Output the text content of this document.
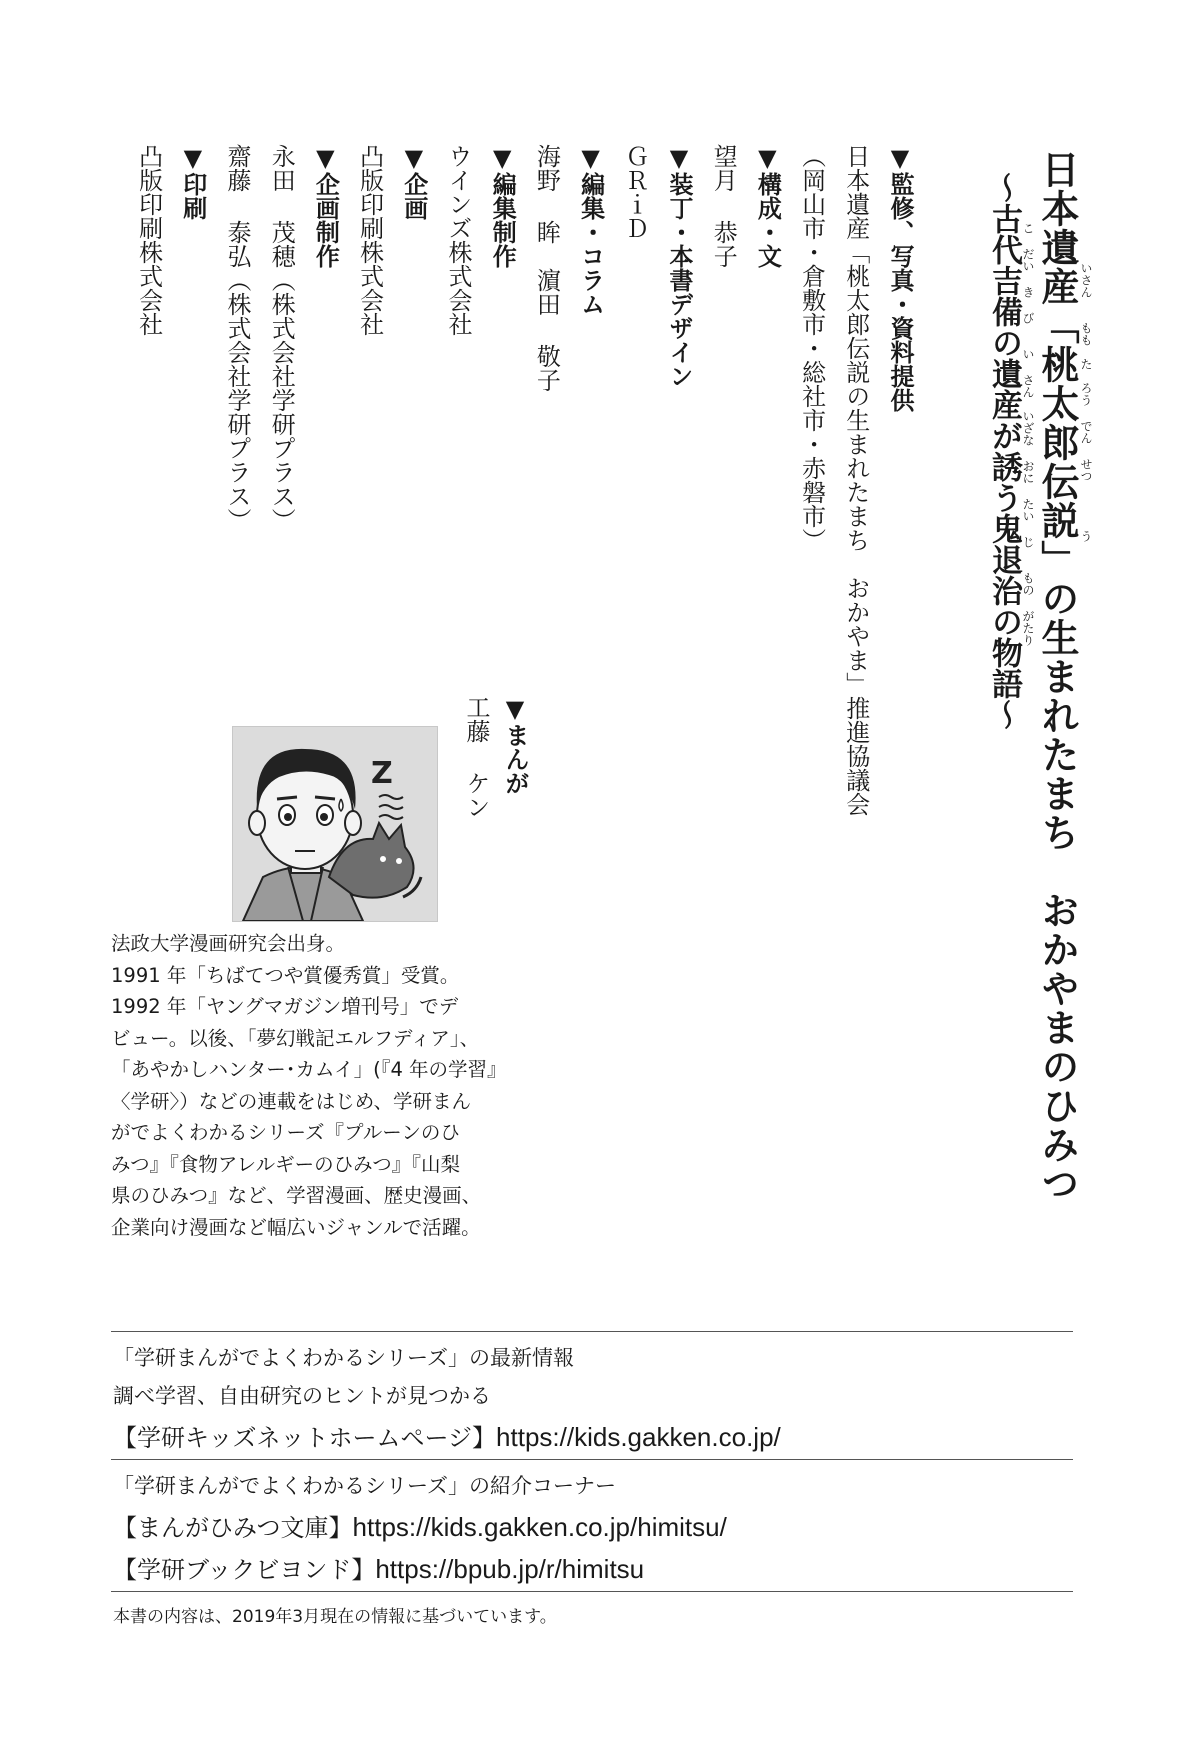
日本遺産「桃太郎伝説」の生まれたまち　おかやまのひみつ いさん　　もも　た　ろう でん せつ　　　　う
～古代吉備の遺産が誘う鬼退治の物語～ こ だい き び　　い さん　いざな おに たい じ　　もの がたり
▼監修、写真・資料提供
日本遺産「桃太郎伝説の生まれたまち　おかやま」推進協議会
（岡山市・倉敷市・総社市・赤磐市）
▼構成・文
望月 恭子
▼装丁・本書デザイン
ＧＲｉＤ
▼編集・コラム
海野 眸　濵田 敬子
▼編集制作
ウインズ株式会社
▼企画
凸版印刷株式会社
▼企画制作
永田 茂穂（株式会社学研プラス）
齋藤 泰弘（株式会社学研プラス）
▼印刷
凸版印刷株式会社
▼まんが
工藤 ケン
Z

法政大学漫画研究会出身。

1991 年「ちばてつや賞優秀賞」受賞。

1992 年「ヤングマガジン増刊号」でデ

ビュー。以後、「夢幻戦記エルフディア」、

「あやかしハンター･カムイ」(『4 年の学習』

〈学研〉）などの連載をはじめ、学研まん

がでよくわかるシリーズ『プルーンのひ

みつ』『食物アレルギーのひみつ』『山梨

県のひみつ』など、学習漫画、歴史漫画、

企業向け漫画など幅広いジャンルで活躍。

「学研まんがでよくわかるシリーズ」の最新情報
調べ学習、自由研究のヒントが見つかる
【学研キッズネットホームページ】https://kids.gakken.co.jp/
「学研まんがでよくわかるシリーズ」の紹介コーナー
【まんがひみつ文庫】https://kids.gakken.co.jp/himitsu/
【学研ブックビヨンド】https://bpub.jp/r/himitsu
本書の内容は、2019年3月現在の情報に基づいています。
